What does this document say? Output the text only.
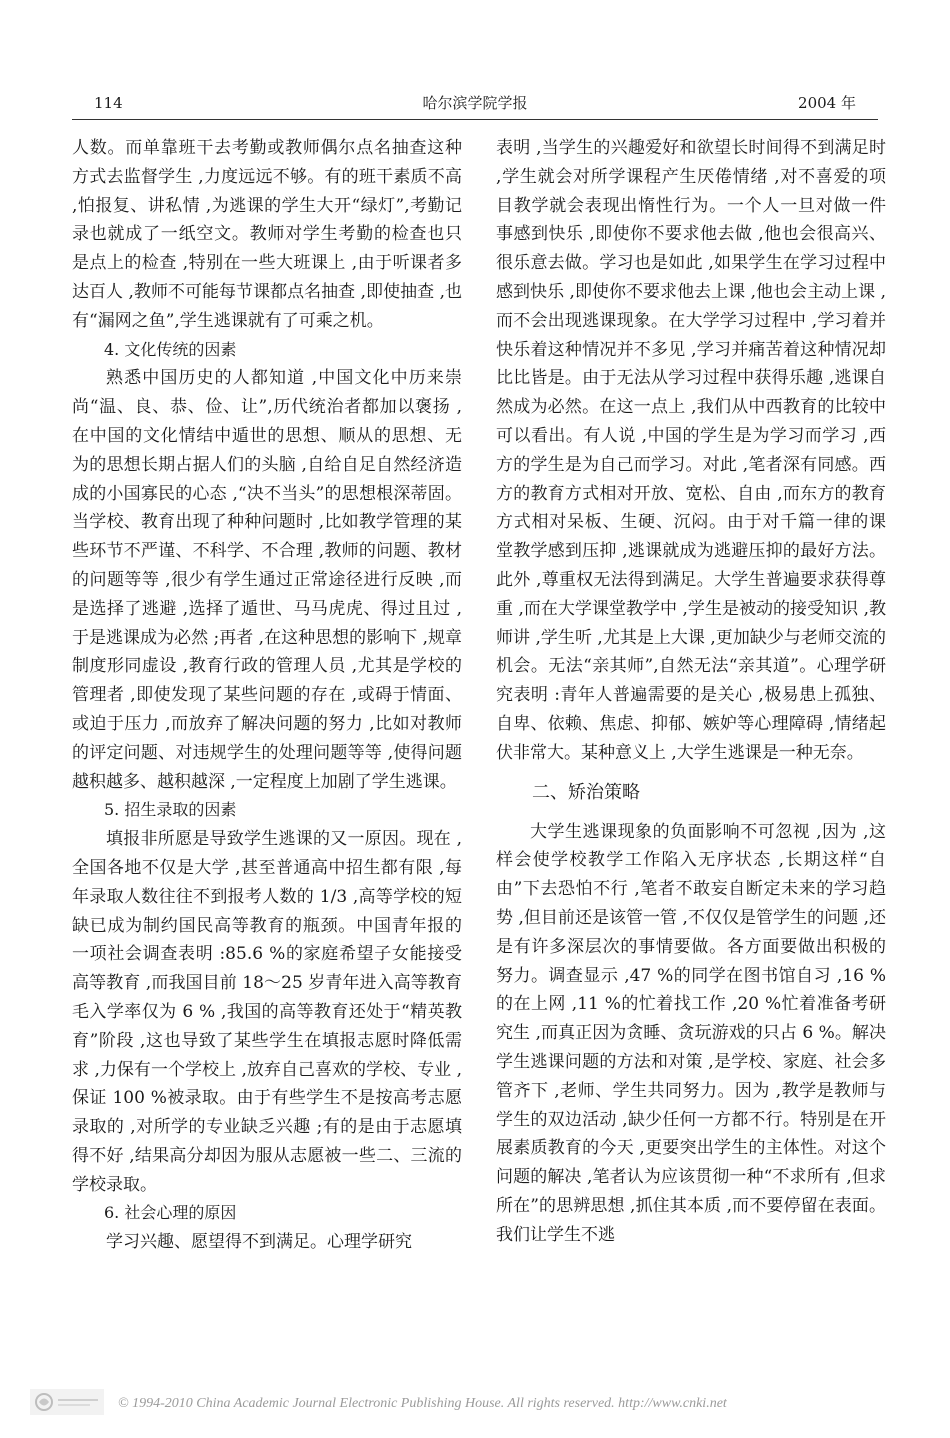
114	哈尔滨学院学报	2004 年

人数。而单靠班干去考勤或教师偶尔点名抽查这种方式去监督学生 ,力度远远不够。有的班干素质不高 ,怕报复、讲私情 ,为逃课的学生大开“绿灯”,考勤记录也就成了一纸空文。教师对学生考勤的检查也只是点上的检查 ,特别在一些大班课上 ,由于听课者多达百人 ,教师不可能每节课都点名抽查 ,即使抽查 ,也有“漏网之鱼”,学生逃课就有了可乘之机。

4. 文化传统的因素

熟悉中国历史的人都知道 ,中国文化中历来崇尚“温、良、恭、俭、让”,历代统治者都加以褒扬 ,在中国的文化情结中遁世的思想、顺从的思想、无为的思想长期占据人们的头脑 ,自给自足自然经济造成的小国寡民的心态 ,“决不当头”的思想根深蒂固。当学校、教育出现了种种问题时 ,比如教学管理的某些环节不严谨、不科学、不合理 ,教师的问题、教材的问题等等 ,很少有学生通过正常途径进行反映 ,而是选择了逃避 ,选择了遁世、马马虎虎、得过且过 ,于是逃课成为必然 ;再者 ,在这种思想的影响下 ,规章制度形同虚设 ,教育行政的管理人员 ,尤其是学校的管理者 ,即使发现了某些问题的存在 ,或碍于情面、或迫于压力 ,而放弃了解决问题的努力 ,比如对教师的评定问题、对违规学生的处理问题等等 ,使得问题越积越多、越积越深 ,一定程度上加剧了学生逃课。

5. 招生录取的因素

填报非所愿是导致学生逃课的又一原因。现在 ,全国各地不仅是大学 ,甚至普通高中招生都有限 ,每年录取人数往往不到报考人数的 1/3 ,高等学校的短缺已成为制约国民高等教育的瓶颈。中国青年报的一项社会调查表明 :85.6 %的家庭希望子女能接受高等教育 ,而我国目前 18～25 岁青年进入高等教育毛入学率仅为 6 % ,我国的高等教育还处于“精英教育”阶段 ,这也导致了某些学生在填报志愿时降低需求 ,力保有一个学校上 ,放弃自己喜欢的学校、专业 ,保证 100 %被录取。由于有些学生不是按高考志愿录取的 ,对所学的专业缺乏兴趣 ;有的是由于志愿填得不好 ,结果高分却因为服从志愿被一些二、三流的学校录取。

6. 社会心理的原因

学习兴趣、愿望得不到满足。心理学研究

表明 ,当学生的兴趣爱好和欲望长时间得不到满足时 ,学生就会对所学课程产生厌倦情绪 ,对不喜爱的项目教学就会表现出惰性行为。一个人一旦对做一件事感到快乐 ,即使你不要求他去做 ,他也会很高兴、很乐意去做。学习也是如此 ,如果学生在学习过程中感到快乐 ,即使你不要求他去上课 ,他也会主动上课 ,而不会出现逃课现象。在大学学习过程中 ,学习着并快乐着这种情况并不多见 ,学习并痛苦着这种情况却比比皆是。由于无法从学习过程中获得乐趣 ,逃课自然成为必然。在这一点上 ,我们从中西教育的比较中可以看出。有人说 ,中国的学生是为学习而学习 ,西方的学生是为自己而学习。对此 ,笔者深有同感。西方的教育方式相对开放、宽松、自由 ,而东方的教育方式相对呆板、生硬、沉闷。由于对千篇一律的课堂教学感到压抑 ,逃课就成为逃避压抑的最好方法。此外 ,尊重权无法得到满足。大学生普遍要求获得尊重 ,而在大学课堂教学中 ,学生是被动的接受知识 ,教师讲 ,学生听 ,尤其是上大课 ,更加缺少与老师交流的机会。无法“亲其师”,自然无法“亲其道”。心理学研究表明 :青年人普遍需要的是关心 ,极易患上孤独、自卑、依赖、焦虑、抑郁、嫉妒等心理障碍 ,情绪起伏非常大。某种意义上 ,大学生逃课是一种无奈。

二、矫治策略

大学生逃课现象的负面影响不可忽视 ,因为 ,这样会使学校教学工作陷入无序状态 ,长期这样“自由”下去恐怕不行 ,笔者不敢妄自断定未来的学习趋势 ,但目前还是该管一管 ,不仅仅是管学生的问题 ,还是有许多深层次的事情要做。各方面要做出积极的努力。调查显示 ,47 %的同学在图书馆自习 ,16 %的在上网 ,11 %的忙着找工作 ,20 %忙着准备考研究生 ,而真正因为贪睡、贪玩游戏的只占 6 %。解决学生逃课问题的方法和对策 ,是学校、家庭、社会多管齐下 ,老师、学生共同努力。因为 ,教学是教师与学生的双边活动 ,缺少任何一方都不行。特别是在开展素质教育的今天 ,更要突出学生的主体性。对这个问题的解决 ,笔者认为应该贯彻一种“不求所有 ,但求所在”的思辨思想 ,抓住其本质 ,而不要停留在表面。我们让学生不逃

© 1994-2010 China Academic Journal Electronic Publishing House. All rights reserved. http://www.cnki.net
